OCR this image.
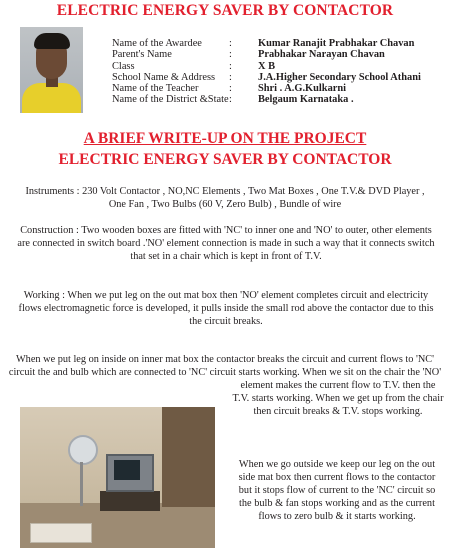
ELECTRIC ENERGY SAVER BY CONTACTOR
Name of the Awardee	:	Kumar Ranajit Prabhakar Chavan
Parent's Name	:	Prabhakar Narayan Chavan
Class	:	X B
School Name & Address :	J.A.Higher Secondary School Athani
Name of the Teacher	:	Shri . A.G.Kulkarni
Name of the District &State :	Belgaum Karnataka .
A BRIEF WRITE-UP ON THE PROJECT
ELECTRIC ENERGY SAVER BY CONTACTOR
Instruments : 230 Volt Contactor , NO,NC Elements , Two Mat Boxes , One T.V.& DVD Player , One Fan , Two Bulbs (60 V, Zero Bulb) , Bundle of wire
Construction : Two wooden boxes are fitted with 'NC' to inner one and 'NO' to outer, other elements are connected in switch board .'NO' element connection is made in such a way that it connects switch that set in a chair which is kept in front of T.V.
Working : When we put leg on the out mat box then 'NO' element completes circuit and electricity flows electromagnetic force is developed, it pulls inside the small rod above the contactor due to this the circuit breaks.
When we put leg on inside on inner mat box the contactor breaks the circuit and current flows to 'NC' circuit the and bulb which are connected to 'NC' circuit starts working. When we sit on the chair the 'NO' element makes the current flow to T.V. then the T.V. starts working. When we get up from the chair then circuit breaks & T.V. stops working.
When we go outside we keep our leg on the out side mat box then current flows to the contactor but it stops flow of current to the 'NC' circuit so the bulb & fan stops working and as the current flows to zero bulb & it starts working.
